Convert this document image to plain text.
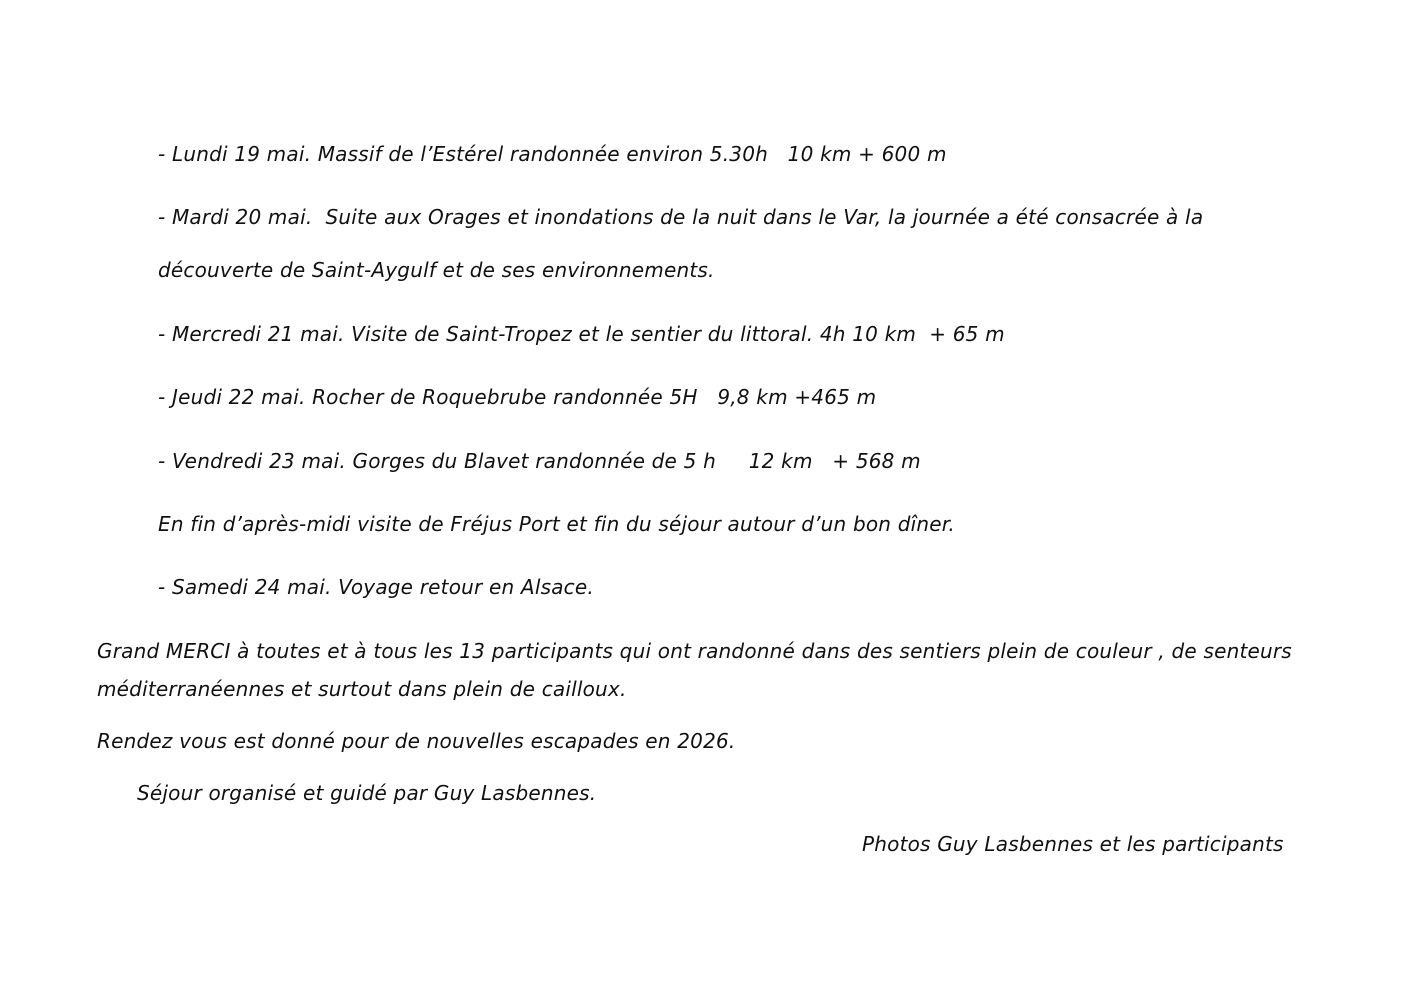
- Lundi 19 mai. Massif de l’Estérel randonnée environ 5.30h   10 km + 600 m

- Mardi 20 mai.  Suite aux Orages et inondations de la nuit dans le Var, la journée a été consacrée à la

découverte de Saint-Aygulf et de ses environnements.

- Mercredi 21 mai. Visite de Saint-Tropez et le sentier du littoral. 4h 10 km  + 65 m

- Jeudi 22 mai. Rocher de Roquebrube randonnée 5H   9,8 km +465 m

- Vendredi 23 mai. Gorges du Blavet randonnée de 5 h     12 km   + 568 m

En fin d’après-midi visite de Fréjus Port et fin du séjour autour d’un bon dîner.

- Samedi 24 mai. Voyage retour en Alsace.

Grand MERCI à toutes et à tous les 13 participants qui ont randonné dans des sentiers plein de couleur , de senteurs

méditerranéennes et surtout dans plein de cailloux.

Rendez vous est donné pour de nouvelles escapades en 2026.

Séjour organisé et guidé par Guy Lasbennes.

Photos Guy Lasbennes et les participants
